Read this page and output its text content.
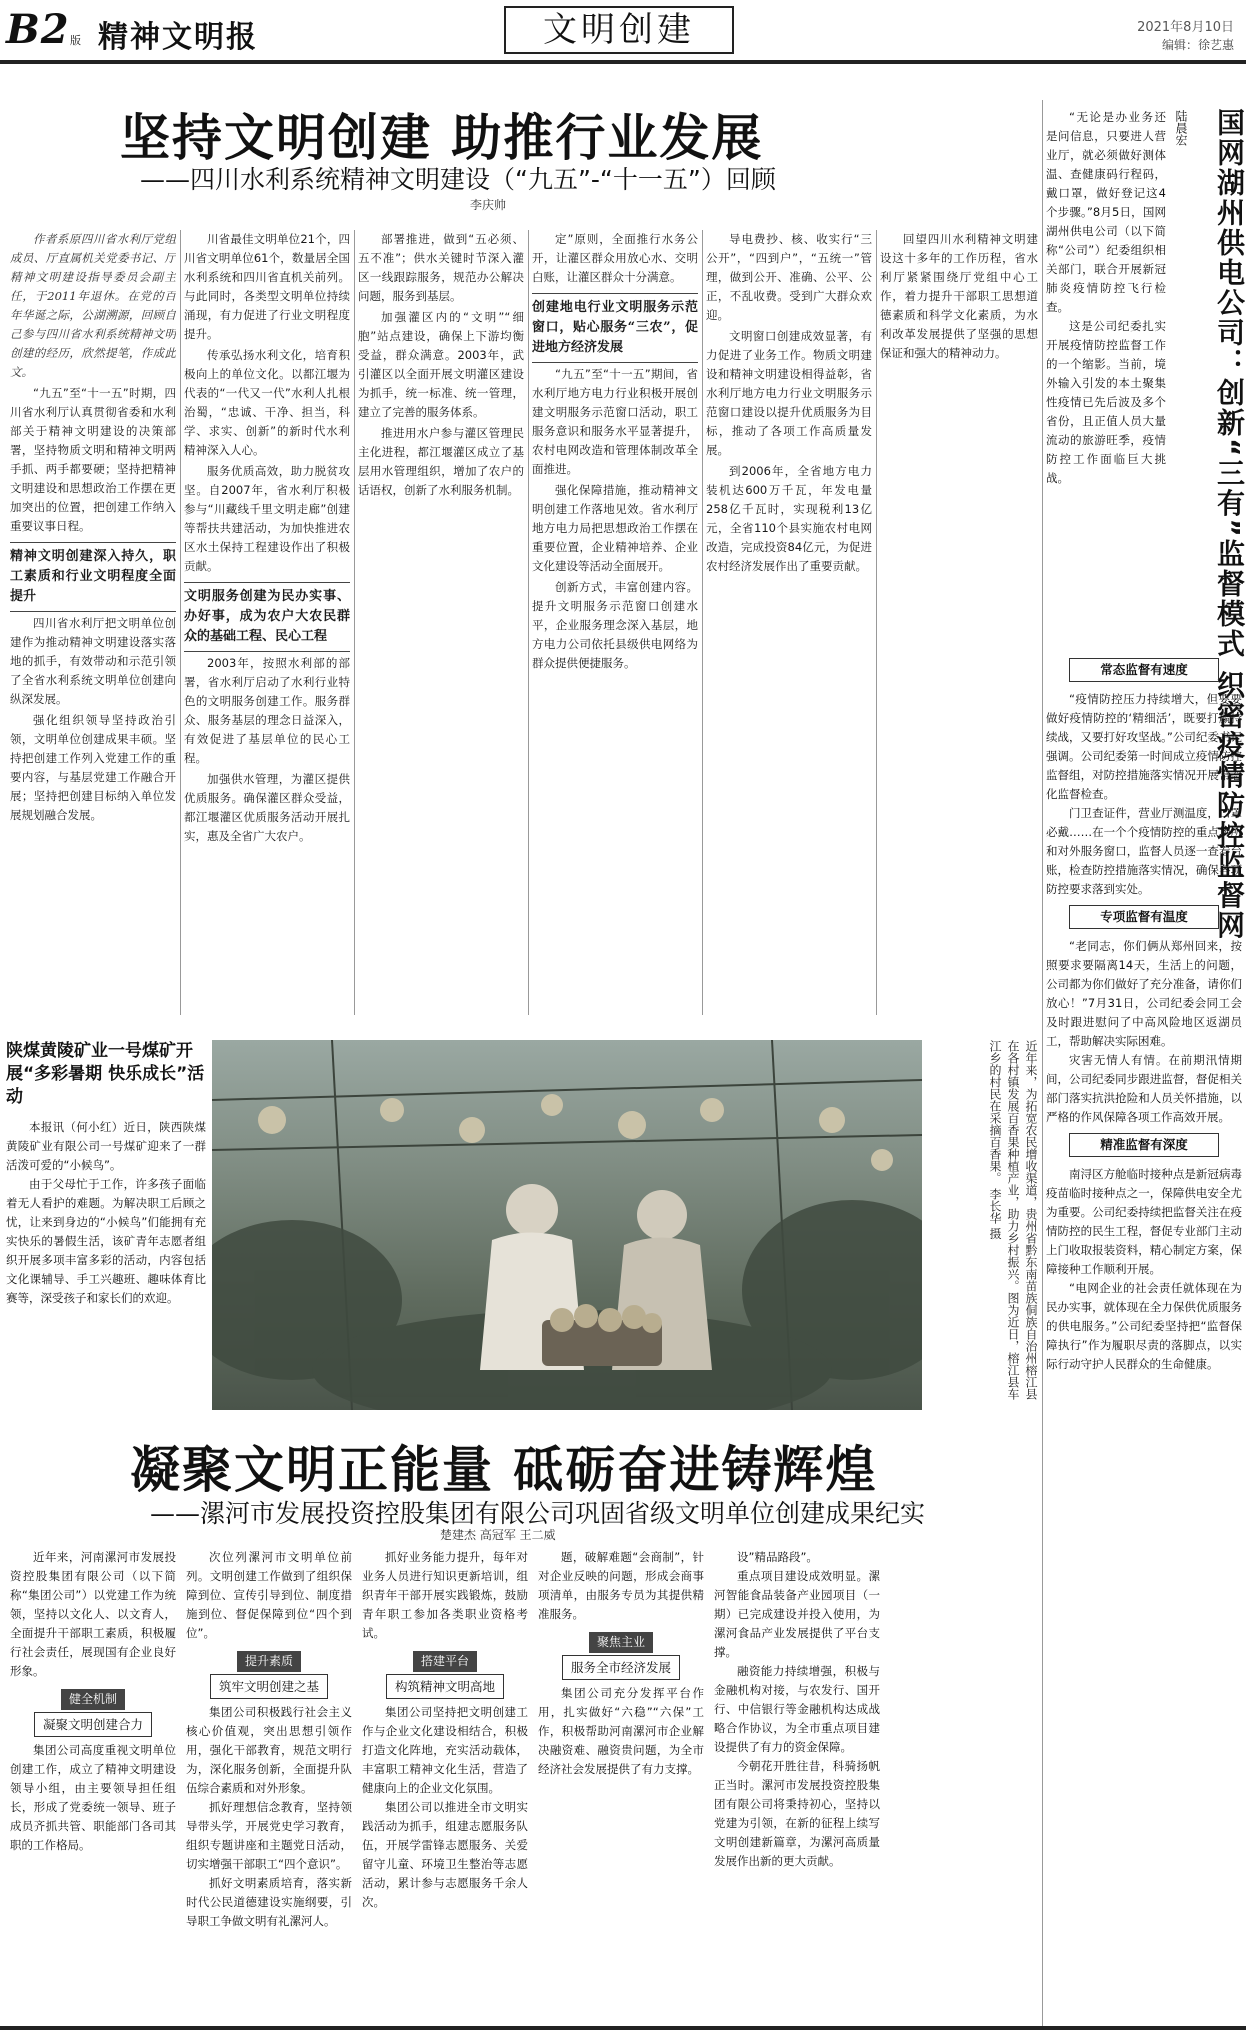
B2 版 精神文明报	文明创建	2021年8月10日
编辑：徐艺惠
坚持文明创建 助推行业发展
——四川水利系统精神文明建设（“九五”-“十一五”）回顾
李庆帅

作者系原四川省水利厅党组成员、厅直属机关党委书记、厅精神文明建设指导委员会副主任，于2011年退休。在党的百年华诞之际，公湖溯源，回顾自己参与四川省水利系统精神文明创建的经历，欣然提笔，作成此文。

“九五”至“十一五”时期，四川省水利厅认真贯彻省委和水利部关于精神文明建设的决策部署，坚持物质文明和精神文明两手抓、两手都要硬；坚持把精神文明建设和思想政治工作摆在更加突出的位置，把创建工作纳入重要议事日程。

精神文明创建深入持久，职工素质和行业文明程度全面提升

四川省水利厅把文明单位创建作为推动精神文明建设落实落地的抓手，有效带动和示范引领了全省水利系统文明单位创建向纵深发展。

强化组织领导坚持政治引领，文明单位创建成果丰硕。坚持把创建工作列入党建工作的重要内容，与基层党建工作融合开展；坚持把创建目标纳入单位发展规划融合发展。

川省最佳文明单位21个，四川省文明单位61个，数量居全国水利系统和四川省直机关前列。与此同时，各类型文明单位持续涌现，有力促进了行业文明程度提升。

传承弘扬水利文化，培育积极向上的单位文化。以都江堰为代表的“一代又一代”水利人扎根治蜀，“忠诚、干净、担当，科学、求实、创新”的新时代水利精神深入人心。

服务优质高效，助力脱贫攻坚。自2007年，省水利厅积极参与“川藏线千里文明走廊”创建等帮扶共建活动，为加快推进农区水土保持工程建设作出了积极贡献。

文明服务创建为民办实事、办好事，成为农户大农民群众的基础工程、民心工程

2003年，按照水利部的部署，省水利厅启动了水利行业特色的文明服务创建工作。服务群众、服务基层的理念日益深入，有效促进了基层单位的民心工程。

加强供水管理，为灌区提供优质服务。确保灌区群众受益，都江堰灌区优质服务活动开展扎实，惠及全省广大农户。

部署推进，做到“五必须、五不准”；供水关键时节深入灌区一线跟踪服务，规范办公解决问题，服务到基层。

加强灌区内的“文明”“细胞”站点建设，确保上下游均衡受益，群众满意。2003年，武引灌区以全面开展文明灌区建设为抓手，统一标准、统一管理，建立了完善的服务体系。

推进用水户参与灌区管理民主化进程，都江堰灌区成立了基层用水管理组织，增加了农户的话语权，创新了水利服务机制。

定”原则，全面推行水务公开，让灌区群众用放心水、交明白账，让灌区群众十分满意。

创建地电行业文明服务示范窗口，贴心服务“三农”，促进地方经济发展

“九五”至“十一五”期间，省水利厅地方电力行业积极开展创建文明服务示范窗口活动，职工服务意识和服务水平显著提升，农村电网改造和管理体制改革全面推进。

强化保障措施，推动精神文明创建工作落地见效。省水利厅地方电力局把思想政治工作摆在重要位置，企业精神培养、企业文化建设等活动全面展开。

创新方式，丰富创建内容。提升文明服务示范窗口创建水平，企业服务理念深入基层，地方电力公司依托县级供电网络为群众提供便捷服务。

导电费抄、核、收实行“三公开”，“四到户”，“五统一”管理，做到公开、准确、公平、公正，不乱收费。受到广大群众欢迎。

文明窗口创建成效显著，有力促进了业务工作。物质文明建设和精神文明建设相得益彰，省水利厅地方电力行业文明服务示范窗口建设以提升优质服务为目标，推动了各项工作高质量发展。

到2006年，全省地方电力装机达600万千瓦，年发电量258亿千瓦时，实现税利13亿元，全省110个县实施农村电网改造，完成投资84亿元，为促进农村经济发展作出了重要贡献。

回望四川水利精神文明建设这十多年的工作历程，省水利厅紧紧围绕厅党组中心工作，着力提升干部职工思想道德素质和科学文化素质，为水利改革发展提供了坚强的思想保证和强大的精神动力。	国网湖州供电公司：创新“三有”监督模式 织密疫情防控监督网
陆晨宏

“无论是办业务还是问信息，只要进人营业厅，就必须做好测体温、查健康码行程码，戴口罩，做好登记这4个步骤。”8月5日，国网湖州供电公司（以下简称“公司”）纪委组织相关部门，联合开展新冠肺炎疫情防控飞行检查。

这是公司纪委扎实开展疫情防控监督工作的一个缩影。当前，境外输入引发的本土聚集性疫情已先后波及多个省份，且正值人员大量流动的旅游旺季，疫情防控工作面临巨大挑战。

常态监督有速度

“疫情防控压力持续增大，但要要做好疫情防控的‘精细活’，既要打赢持续战，又要打好攻坚战。”公司纪委书记强调。公司纪委第一时间成立疫情防控监督组，对防控措施落实情况开展常态化监督检查。

门卫查证件，营业厅测温度，口罩必戴……在一个个疫情防控的重点场所和对外服务窗口，监督人员逐一查看台账，检查防控措施落实情况，确保各项防控要求落到实处。

专项监督有温度

“老同志，你们俩从郑州回来，按照要求要隔离14天，生活上的问题，公司都为你们做好了充分准备，请你们放心！”7月31日，公司纪委会同工会及时跟进慰问了中高风险地区返湖员工，帮助解决实际困难。

灾害无情人有情。在前期汛情期间，公司纪委同步跟进监督，督促相关部门落实抗洪抢险和人员关怀措施，以严格的作风保障各项工作高效开展。

精准监督有深度

南浔区方舱临时接种点是新冠病毒疫苗临时接种点之一，保障供电安全尤为重要。公司纪委持续把监督关注在疫情防控的民生工程，督促专业部门主动上门收取报装资料，精心制定方案，保障接种工作顺利开展。

“电网企业的社会责任就体现在为民办实事，就体现在全力保供优质服务的供电服务。”公司纪委坚持把“监督保障执行”作为履职尽责的落脚点，以实际行动守护人民群众的生命健康。

陕煤黄陵矿业一号煤矿开展“多彩暑期 快乐成长”活动

本报讯（何小红）近日，陕西陕煤黄陵矿业有限公司一号煤矿迎来了一群活泼可爱的“小候鸟”。

由于父母忙于工作，许多孩子面临着无人看护的难题。为解决职工后顾之忧，让来到身边的“小候鸟”们能拥有充实快乐的暑假生活，该矿青年志愿者组织开展多项丰富多彩的活动，内容包括文化课辅导、手工兴趣班、趣味体育比赛等，深受孩子和家长们的欢迎。	近年来，为拓宽农民增收渠道，贵州省黔东南苗族侗族自治州榕江县在各村镇发展百香果种植产业，助力乡村振兴。图为近日，榕江县车江乡的村民在采摘百香果。 李长华 摄
凝聚文明正能量 砥砺奋进铸辉煌
——漯河市发展投资控股集团有限公司巩固省级文明单位创建成果纪实
楚建杰 高冠军 王二威

近年来，河南漯河市发展投资控股集团有限公司（以下简称“集团公司”）以党建工作为统领，坚持以文化人、以文育人，全面提升干部职工素质，积极履行社会责任，展现国有企业良好形象。

健全机制
凝聚文明创建合力

集团公司高度重视文明单位创建工作，成立了精神文明建设领导小组，由主要领导担任组长，形成了党委统一领导、班子成员齐抓共管、职能部门各司其职的工作格局。

次位列漯河市文明单位前列。文明创建工作做到了组织保障到位、宣传引导到位、制度措施到位、督促保障到位“四个到位”。

提升素质
筑牢文明创建之基

集团公司积极践行社会主义核心价值观，突出思想引领作用，强化干部教育，规范文明行为，深化服务创新，全面提升队伍综合素质和对外形象。

抓好理想信念教育，坚持领导带头学，开展党史学习教育，组织专题讲座和主题党日活动，切实增强干部职工“四个意识”。

抓好文明素质培育，落实新时代公民道德建设实施纲要，引导职工争做文明有礼漯河人。

抓好业务能力提升，每年对业务人员进行知识更新培训，组织青年干部开展实践锻炼，鼓励青年职工参加各类职业资格考试。

搭建平台
构筑精神文明高地

集团公司坚持把文明创建工作与企业文化建设相结合，积极打造文化阵地，充实活动载体，丰富职工精神文化生活，营造了健康向上的企业文化氛围。

集团公司以推进全市文明实践活动为抓手，组建志愿服务队伍，开展学雷锋志愿服务、关爱留守儿童、环境卫生整治等志愿活动，累计参与志愿服务千余人次。

题，破解难题“会商制”，针对企业反映的问题，形成会商事项清单，由服务专员为其提供精准服务。

聚焦主业
服务全市经济发展

集团公司充分发挥平台作用，扎实做好“六稳”“六保”工作，积极帮助河南漯河市企业解决融资难、融资贵问题，为全市经济社会发展提供了有力支撑。

设”精品路段”。

重点项目建设成效明显。漯河智能食品装备产业园项目（一期）已完成建设并投入使用，为漯河食品产业发展提供了平台支撑。

融资能力持续增强，积极与金融机构对接，与农发行、国开行、中信银行等金融机构达成战略合作协议，为全市重点项目建设提供了有力的资金保障。

今朝花开胜往昔，科骑扬帆正当时。漯河市发展投资控股集团有限公司将秉持初心，坚持以党建为引领，在新的征程上续写文明创建新篇章，为漯河高质量发展作出新的更大贡献。
